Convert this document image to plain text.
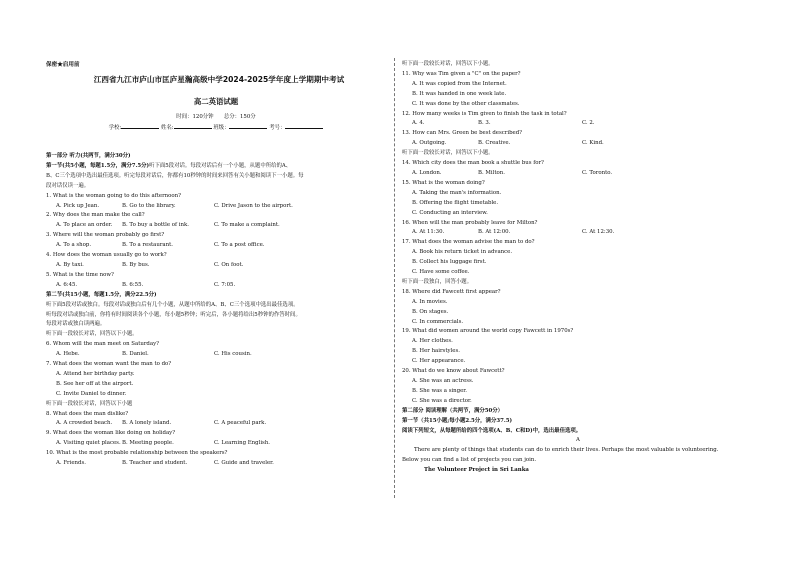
保密★启用前
江西省九江市庐山市匡庐星瀚高级中学2024-2025学年度上学期期中考试
高二英语试题
时间：120分钟 总分：150分
学校:	姓名:	班级：	考号：
第一部分 听力(共两节，满分30分)
第一节(共5小题，每题1.5分，满分7.5分)听下面5段对话。每段对话后有一个小题，从题中所给的A、
B、C三个选项中选出最佳选项。听完每段对话后，你都有10秒钟的时间来回答有关小题和阅读下一小题。每
段对话仅读一遍。
1. What is the woman going to do this afternoon?
A. Pick up Jean.	B. Go to the library.	C. Drive Jason to the airport.
2. Why does the man make the call?
A. To place an order.	B. To buy a bottle of ink.	C. To make a complaint.
3. Where will the woman probably go first?
A. To a shop.	B. To a restaurant.	C. To a post office.
4. How does the woman usually go to work?
A. By taxi.	B. By bus.	C. On foot.
5. What is the time now?
A. 6:45.	B. 6:55.	C. 7:05.
第二节(共15小题，每题1.5分，满分22.5分)
听下面5段对话或独白。每段对话或独白后有几个小题，从题中所给的A、B、C三个选项中选出最佳选项。
听每段对话或独白前，你将有时间阅读各个小题，每小题5秒钟；听完后，各小题将给出5秒钟的作答时间。
每段对话或独白读两遍。
听下面一段较长对话，回答以下小题。
6. Whom will the man meet on Saturday?
A. Hebe.	B. Daniel.	C. His cousin.
7. What does the woman want the man to do?
A. Attend her birthday party.
B. See her off at the airport.
C. Invite Daniel to dinner.
听下面一段较长对话，回答以下小题
8. What does the man dislike?
A. A crowded beach.	B. A lonely island.	C. A peaceful park.
9. What does the woman like doing on holiday?
A. Visiting quiet places. B. Meeting people.	C. Learning English.
10. What is the most probable relationship between the speakers?
A. Friends.	B. Teacher and student.	C. Guide and traveler.
听下面一段较长对话，回答以下小题。
11. Why was Tim given a "C" on the paper?
A. It was copied from the Internet.
B. It was handed in one week late.
C. It was done by the other classmates.
12. How many weeks is Tim given to finish the task in total?
A. 4.	B. 3.	C. 2.
13. How can Mrs. Green be best described?
A. Outgoing.	B. Creative.	C. Kind.
听下面一段较长对话，回答以下小题。
14. Which city does the man book a shuttle bus for?
A. London.	B. Milton.	C. Toronto.
15. What is the woman doing?
A. Taking the man's information.
B. Offering the flight timetable.
C. Conducting an interview.
16. When will the man probably leave for Milton?
A. At 11:30.	B. At 12:00.	C. At 12:30.
17. What does the woman advise the man to do?
A. Book his return ticket in advance.
B. Collect his luggage first.
C. Have some coffee.
听下面一段独白，回答小题。
18. Where did Fawcett first appear?
A. In movies.
B. On stages.
C. In commercials.
19. What did women around the world copy Fawcett in 1970s?
A. Her clothes.
B. Her hairstyles.
C. Her appearance.
20. What do we know about Fawcett?
A. She was an actress.
B. She was a singer.
C. She was a director.
第二部分 阅读理解（共两节，满分50分）
第一节（共15小题;每小题2.5分，满分37.5)
阅读下列短文，从每题所给的四个选项(A、B、C和D)中，选出最佳选项。
A
There are plenty of things that students can do to enrich their lives. Perhaps the most valuable is volunteering.
Below you can find a list of projects you can join.
The Volunteer Project in Sri Lanka
